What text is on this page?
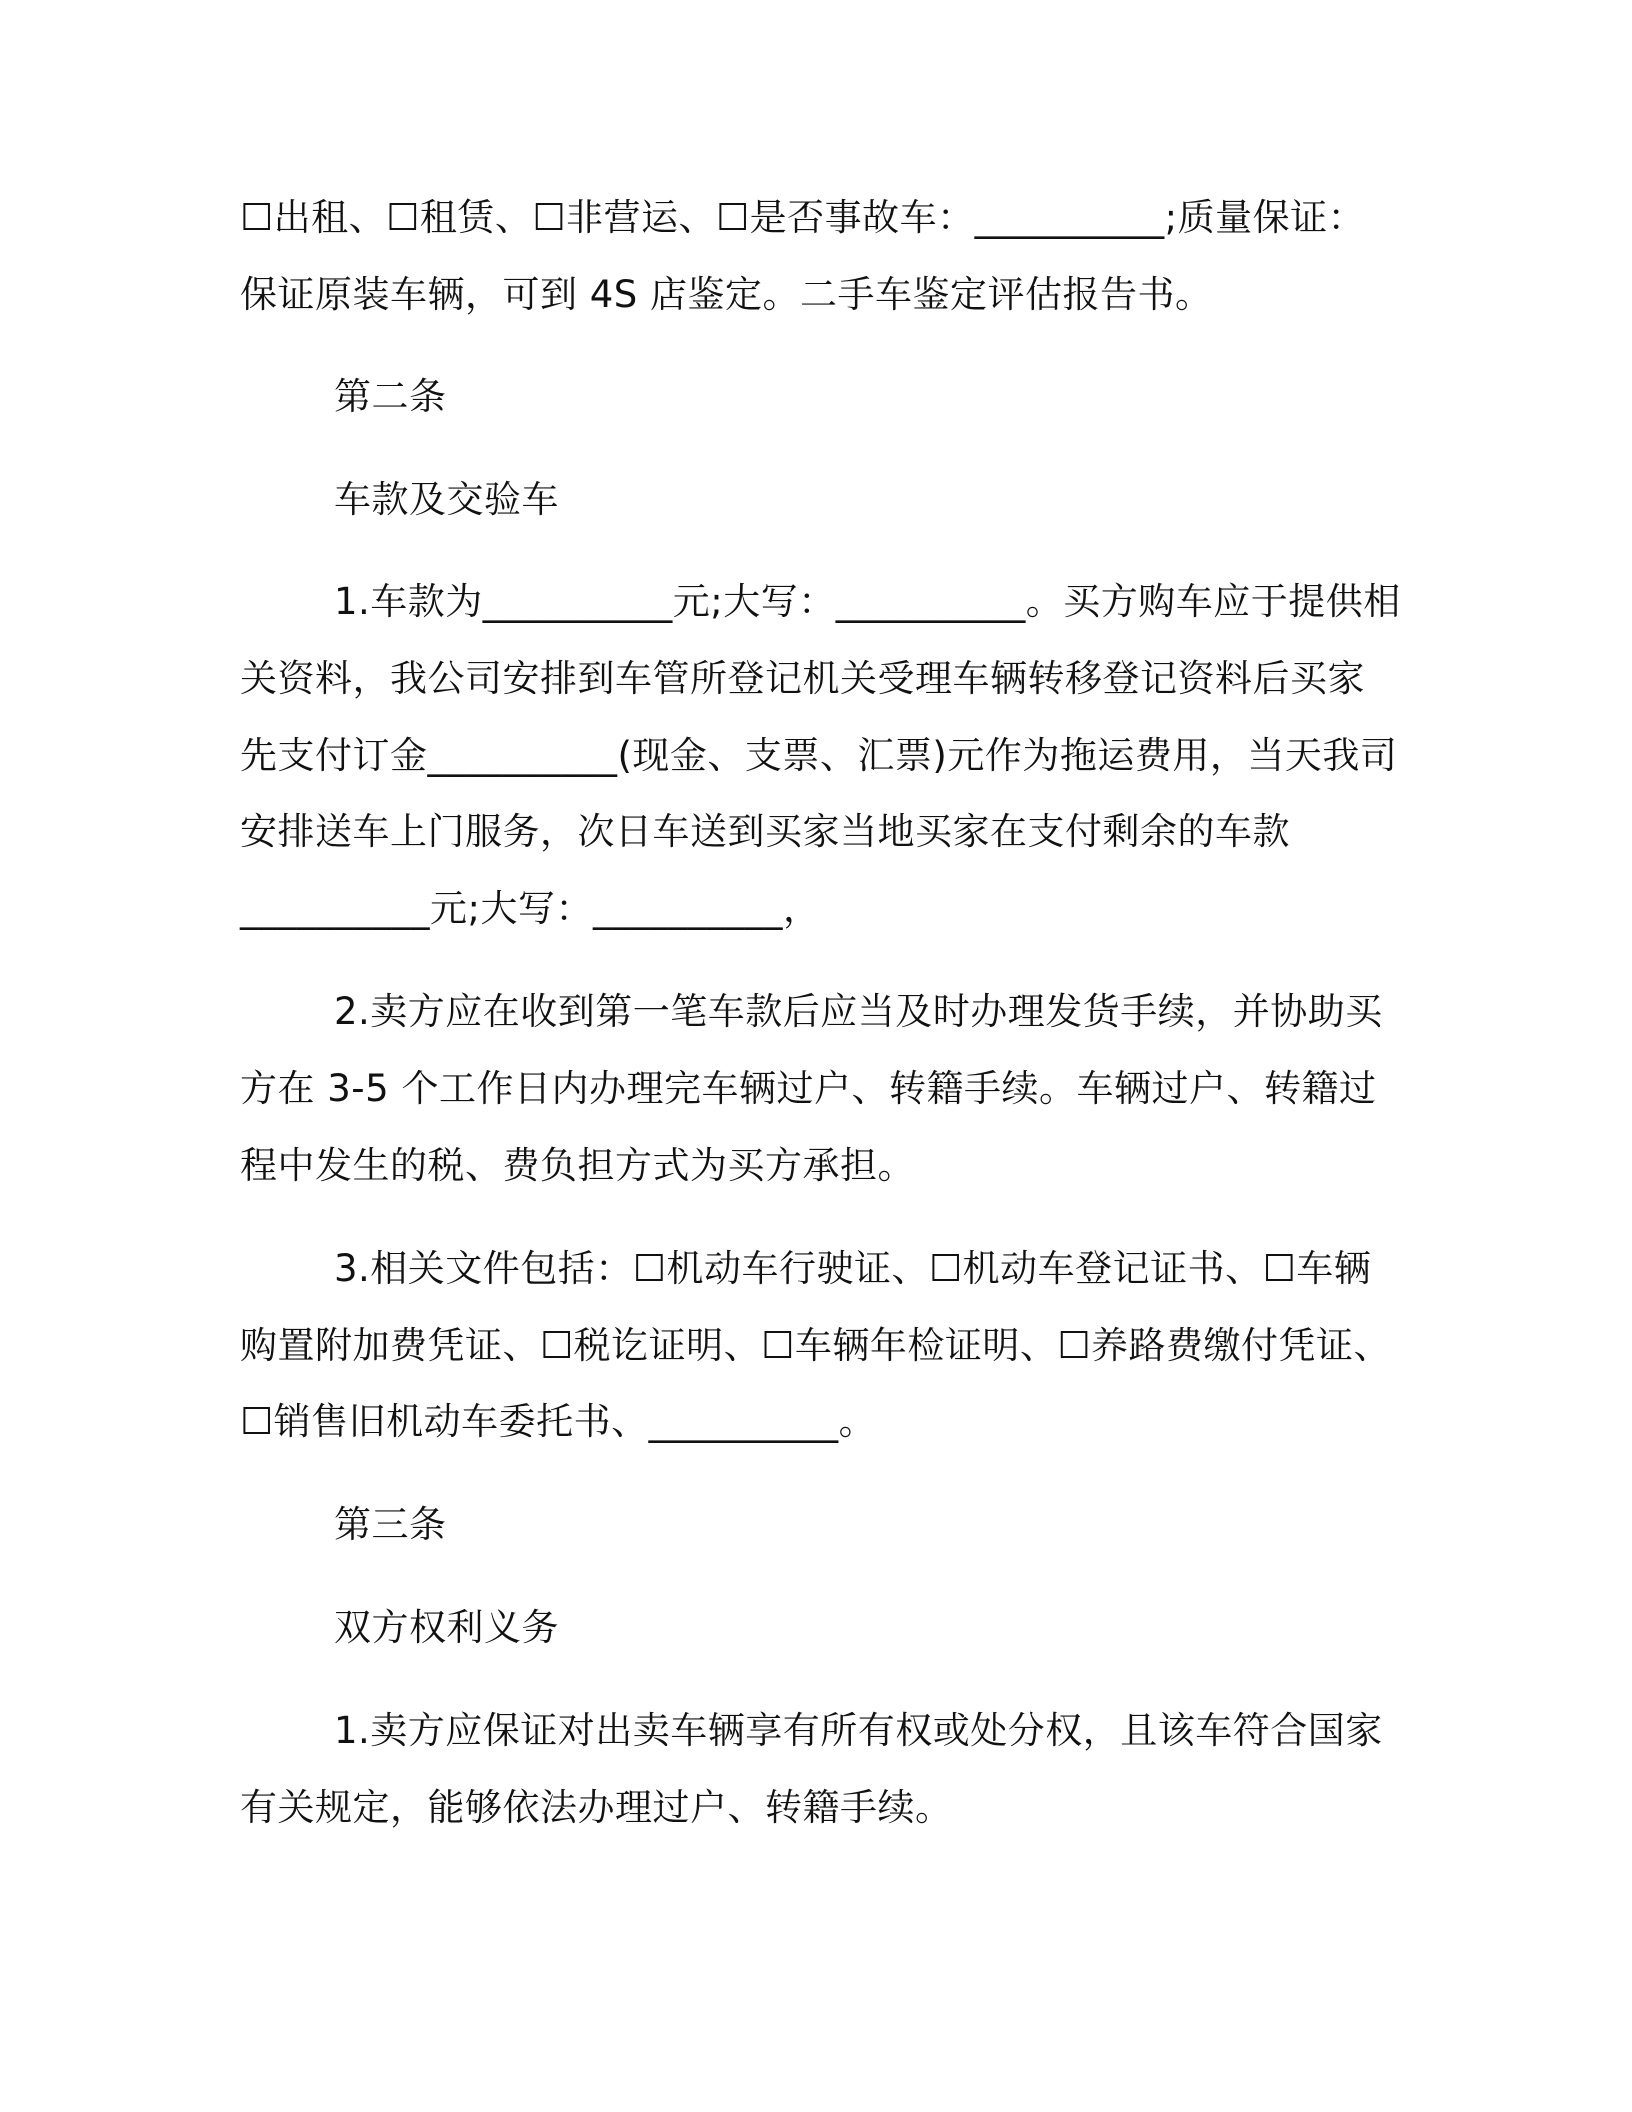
☐出租、☐租赁、☐非营运、☐是否事故车：__________;质量保证：
保证原装车辆，可到 4S 店鉴定。二手车鉴定评估报告书。
第二条
车款及交验车
1.车款为__________元;大写：__________。买方购车应于提供相
关资料，我公司安排到车管所登记机关受理车辆转移登记资料后买家
先支付订金__________(现金、支票、汇票)元作为拖运费用，当天我司
安排送车上门服务，次日车送到买家当地买家在支付剩余的车款
__________元;大写：__________，
2.卖方应在收到第一笔车款后应当及时办理发货手续，并协助买
方在 3-5 个工作日内办理完车辆过户、转籍手续。车辆过户、转籍过
程中发生的税、费负担方式为买方承担。
3.相关文件包括：☐机动车行驶证、☐机动车登记证书、☐车辆
购置附加费凭证、☐税讫证明、☐车辆年检证明、☐养路费缴付凭证、
☐销售旧机动车委托书、__________。
第三条
双方权利义务
1.卖方应保证对出卖车辆享有所有权或处分权，且该车符合国家
有关规定，能够依法办理过户、转籍手续。
